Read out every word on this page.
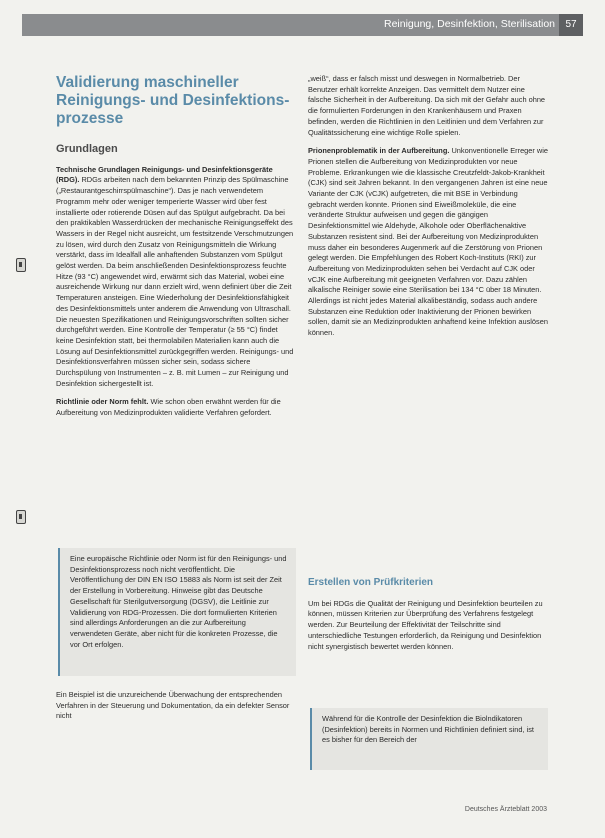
Reinigung, Desinfektion, Sterilisation	57
Validierung maschineller
Reinigungs- und Desinfektions-
prozesse
Grundlagen

Technische Grundlagen Reinigungs- und Desinfektionsgeräte (RDG). RDGs arbeiten nach dem bekannten Prinzip des Spülmaschine („Restaurantgeschirrspülmaschine“). Das je nach verwendetem Programm mehr oder weniger temperierte Wasser wird über fest installierte oder rotierende Düsen auf das Spülgut aufgebracht. Da bei den praktikablen Wasserdrücken der mechanische Reinigungseffekt des Wassers in der Regel nicht ausreicht, um festsitzende Verschmutzungen zu lösen, wird durch den Zusatz von Reinigungsmitteln die Wirkung verstärkt, dass im Idealfall alle anhaftenden Substanzen vom Spülgut gelöst werden. Da beim anschließenden Desinfektionsprozess feuchte Hitze (93 °C) angewendet wird, erwärmt sich das Material, wobei eine ausreichende Wirkung nur dann erzielt wird, wenn definiert über die Zeit Temperaturen ansteigen. Eine Wiederholung der Desinfektionsfähigkeit des Desinfektionsmittels unter anderem die Anwendung von Ultraschall. Die neuesten Spezifikationen und Reinigungsvorschriften sollten sicher durchgeführt werden. Eine Kontrolle der Temperatur (≥ 55 °C) findet keine Desinfektion statt, bei thermolabilen Materialien kann auch die Lösung auf Desinfektionsmittel zurückgegriffen werden. Reinigungs- und Desinfektionsverfahren müssen sicher sein, sodass sichere Durchspülung von Instrumenten – z. B. mit Lumen – zur Reinigung und Desinfektion sichergestellt ist.

Richtlinie oder Norm fehlt. Wie schon oben erwähnt werden für die Aufbereitung von Medizinprodukten validierte Verfahren gefordert.

Eine europäische Richtlinie oder Norm ist für den Reinigungs- und Desinfektionsprozess noch nicht veröffentlicht. Die Veröffentlichung der DIN EN ISO 15883 als Norm ist seit der Zeit der Erstellung in Vorbereitung. Hinweise gibt das Deutsche Gesellschaft für Sterilgutversorgung (DGSV), die Leitlinie zur Validierung von RDG-Prozessen. Die dort formulierten Kriterien sind allerdings Anforderungen an die zur Aufbereitung verwendeten Geräte, aber nicht für die konkreten Prozesse, die vor Ort erfolgen.

Ein Beispiel ist die unzureichende Überwachung der entsprechenden Verfahren in der Steuerung und Dokumentation, da ein defekter Sensor nicht

„weiß“, dass er falsch misst und deswegen in Normalbetrieb. Der Benutzer erhält korrekte Anzeigen. Das vermittelt dem Nutzer eine falsche Sicherheit in der Aufbereitung. Da sich mit der Gefahr auch ohne die formulierten Forderungen in den Krankenhäusern und Praxen befinden, werden die Richtlinien in den Leitlinien und dem Verfahren zur Qualitätssicherung eine wichtige Rolle spielen.

Prionenproblematik in der Aufbereitung. Unkonventionelle Erreger wie Prionen stellen die Aufbereitung von Medizinprodukten vor neue Probleme. Erkrankungen wie die klassische Creutzfeldt-Jakob-Krankheit (CJK) sind seit Jahren bekannt. In den vergangenen Jahren ist eine neue Variante der CJK (vCJK) aufgetreten, die mit BSE in Verbindung gebracht werden konnte. Prionen sind Eiweißmoleküle, die eine veränderte Struktur aufweisen und gegen die gängigen Desinfektionsmittel wie Aldehyde, Alkohole oder Oberflächenaktive Substanzen resistent sind. Bei der Aufbereitung von Medizinprodukten muss daher ein besonderes Augenmerk auf die Zerstörung von Prionen gelegt werden. Die Empfehlungen des Robert Koch-Instituts (RKI) zur Aufbereitung von Medizinprodukten sehen bei Verdacht auf CJK oder vCJK eine Aufbereitung mit geeigneten Verfahren vor. Dazu zählen alkalische Reiniger sowie eine Sterilisation bei 134 °C über 18 Minuten. Allerdings ist nicht jedes Material alkalibeständig, sodass auch andere Substanzen eine Reduktion oder Inaktivierung der Prionen bewirken sollen, damit sie an Medizinprodukten anhaftend keine Infektion auslösen können.

Erstellen von Prüfkriterien

Um bei RDGs die Qualität der Reinigung und Desinfektion beurteilen zu können, müssen Kriterien zur Überprüfung des Verfahrens festgelegt werden. Zur Beurteilung der Effektivität der Teilschritte sind unterschiedliche Testungen erforderlich, da Reinigung und Desinfektion nicht synergistisch bewertet werden können.

Während für die Kontrolle der Desinfektion die Biolndikatoren (Desinfektion) bereits in Normen und Richtlinien definiert sind, ist es bisher für den Bereich der
Deutsches Ärzteblatt 2003
